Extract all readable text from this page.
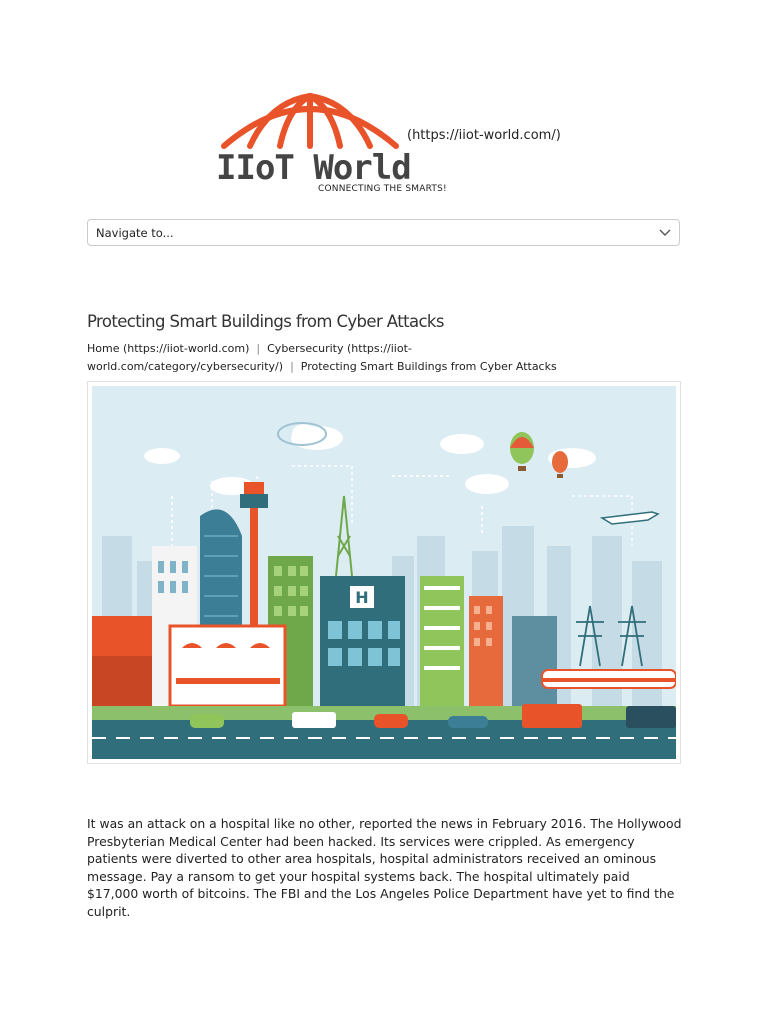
IIoT World
CONNECTING THE SMARTS!
(https://iiot-world.com/)
Navigate to...
Protecting Smart Buildings from Cyber Attacks
Home (https://iiot-world.com) | Cybersecurity (https://iiot-world.com/category/cybersecurity/) | Protecting Smart Buildings from Cyber Attacks
H

It was an attack on a hospital like no other, reported the news in February 2016. The Hollywood Presbyterian Medical Center had been hacked. Its services were crippled. As emergency patients were diverted to other area hospitals, hospital administrators received an ominous message. Pay a ransom to get your hospital systems back. The hospital ultimately paid $17,000 worth of bitcoins. The FBI and the Los Angeles Police Department have yet to find the culprit.
